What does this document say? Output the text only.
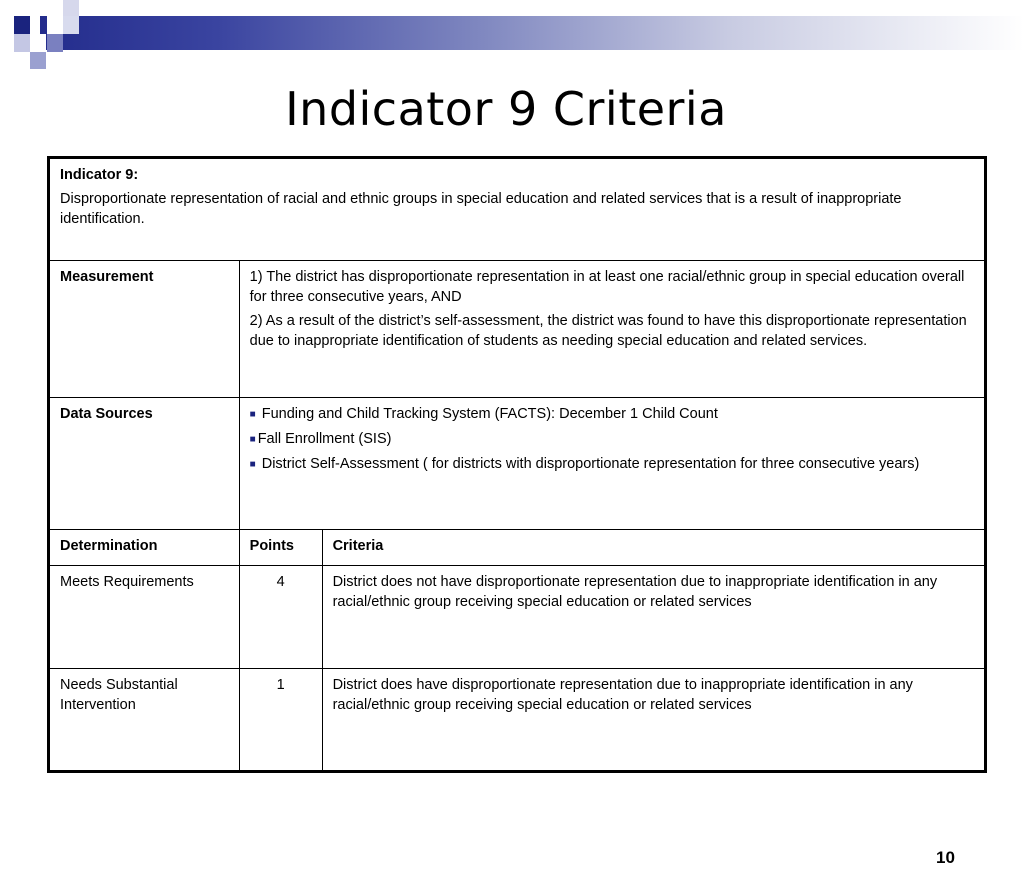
Indicator 9 Criteria

Indicator 9:

Disproportionate representation of racial and ethnic groups in special education and related services that is a result of inappropriate identification.		

Measurement	1) The district has disproportionate representation in at least one racial/ethnic group in special education overall for three consecutive years, AND

2) As a result of the district’s self-assessment, the district was found to have this disproportionate representation due to inappropriate identification of students as needing special education and related services.	

Data Sources	■ Funding and Child Tracking System (FACTS): December 1 Child Count

■ Fall Enrollment (SIS)

■ District Self-Assessment ( for districts with disproportionate representation for three consecutive years)	

Determination	Points	Criteria
Meets Requirements	4	District does not have disproportionate representation due to inappropriate identification in any racial/ethnic group receiving special education or related services
Needs Substantial Intervention	1	District does have disproportionate representation due to inappropriate identification in any racial/ethnic group receiving special education or related services
10
